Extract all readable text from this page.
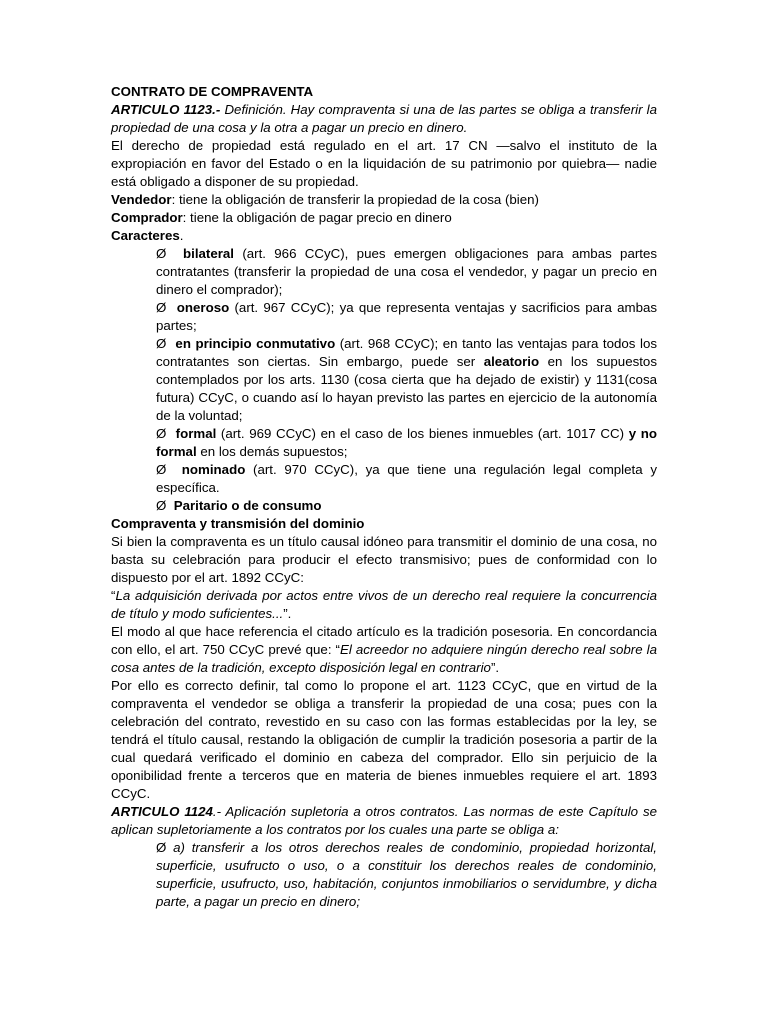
CONTRATO DE COMPRAVENTA

ARTICULO 1123.- Definición. Hay compraventa si una de las partes se obliga a transferir la propiedad de una cosa y la otra a pagar un precio en dinero.

El derecho de propiedad está regulado en el art. 17 CN —salvo el instituto de la expropiación en favor del Estado o en la liquidación de su patrimonio por quiebra— nadie está obligado a disponer de su propiedad.

Vendedor: tiene la obligación de transferir la propiedad de la cosa (bien)

Comprador: tiene la obligación de pagar precio en dinero

Caracteres.

Ø bilateral (art. 966 CCyC), pues emergen obligaciones para ambas partes contratantes (transferir la propiedad de una cosa el vendedor, y pagar un precio en dinero el comprador);

Ø oneroso (art. 967 CCyC); ya que representa ventajas y sacrificios para ambas partes;

Ø en principio conmutativo (art. 968 CCyC); en tanto las ventajas para todos los contratantes son ciertas. Sin embargo, puede ser aleatorio en los supuestos contemplados por los arts. 1130 (cosa cierta que ha dejado de existir) y 1131(cosa futura) CCyC, o cuando así lo hayan previsto las partes en ejercicio de la autonomía de la voluntad;

Ø formal (art. 969 CCyC) en el caso de los bienes inmuebles (art. 1017 CC) y no formal en los demás supuestos;

Ø nominado (art. 970 CCyC), ya que tiene una regulación legal completa y específica.

Ø Paritario o de consumo

Compraventa y transmisión del dominio

Si bien la compraventa es un título causal idóneo para transmitir el dominio de una cosa, no basta su celebración para producir el efecto transmisivo; pues de conformidad con lo dispuesto por el art. 1892 CCyC:

“La adquisición derivada por actos entre vivos de un derecho real requiere la concurrencia de título y modo suficientes...”.

El modo al que hace referencia el citado artículo es la tradición posesoria. En concordancia con ello, el art. 750 CCyC prevé que: “El acreedor no adquiere ningún derecho real sobre la cosa antes de la tradición, excepto disposición legal en contrario”.

Por ello es correcto definir, tal como lo propone el art. 1123 CCyC, que en virtud de la compraventa el vendedor se obliga a transferir la propiedad de una cosa; pues con la celebración del contrato, revestido en su caso con las formas establecidas por la ley, se tendrá el título causal, restando la obligación de cumplir la tradición posesoria a partir de la cual quedará verificado el dominio en cabeza del comprador. Ello sin perjuicio de la oponibilidad frente a terceros que en materia de bienes inmuebles requiere el art. 1893 CCyC.

ARTICULO 1124.- Aplicación supletoria a otros contratos. Las normas de este Capítulo se aplican supletoriamente a los contratos por los cuales una parte se obliga a:

Ø a) transferir a los otros derechos reales de condominio, propiedad horizontal, superficie, usufructo o uso, o a constituir los derechos reales de condominio, superficie, usufructo, uso, habitación, conjuntos inmobiliarios o servidumbre, y dicha parte, a pagar un precio en dinero;
